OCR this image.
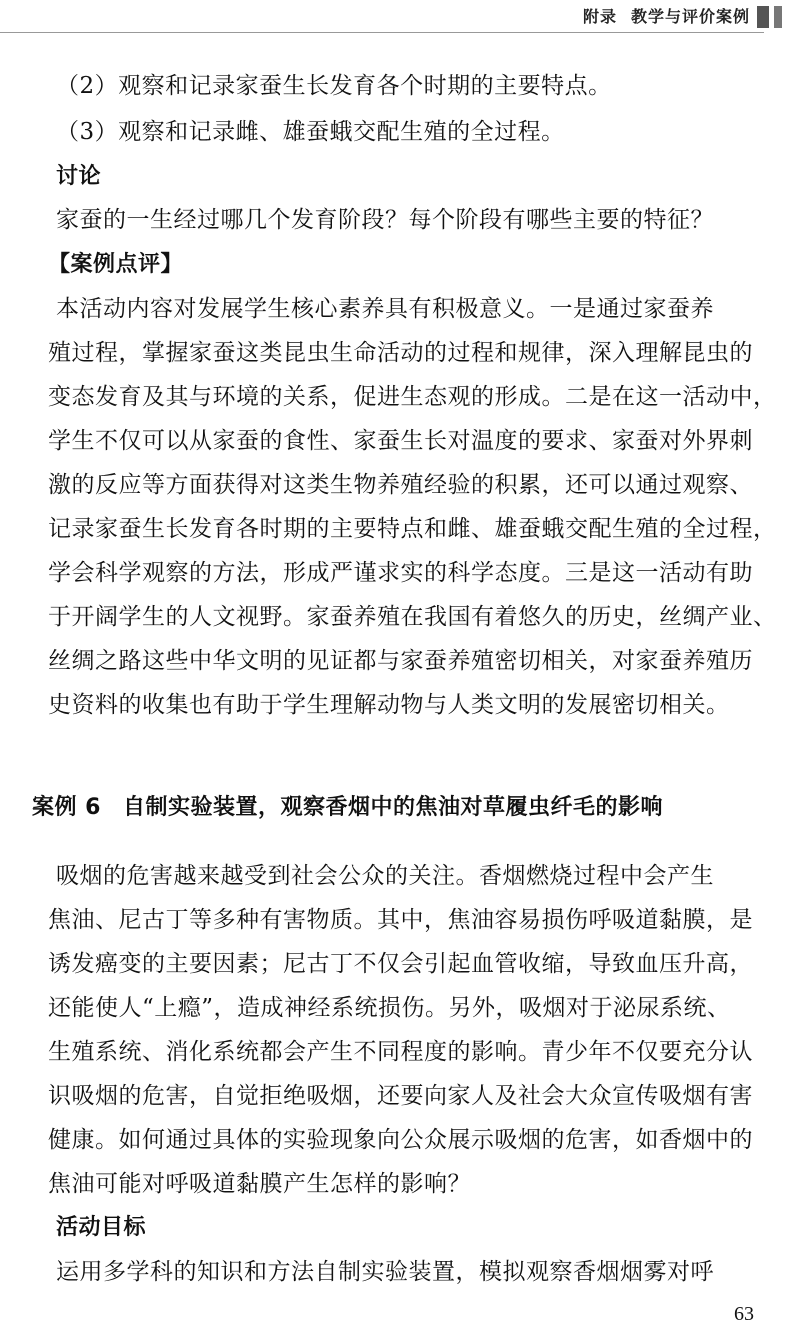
附录 教学与评价案例
（2）观察和记录家蚕生长发育各个时期的主要特点。
（3）观察和记录雌、雄蚕蛾交配生殖的全过程。
讨论
家蚕的一生经过哪几个发育阶段？每个阶段有哪些主要的特征？
【案例点评】
本活动内容对发展学生核心素养具有积极意义。一是通过家蚕养
殖过程，掌握家蚕这类昆虫生命活动的过程和规律，深入理解昆虫的
变态发育及其与环境的关系，促进生态观的形成。二是在这一活动中，
学生不仅可以从家蚕的食性、家蚕生长对温度的要求、家蚕对外界刺
激的反应等方面获得对这类生物养殖经验的积累，还可以通过观察、
记录家蚕生长发育各时期的主要特点和雌、雄蚕蛾交配生殖的全过程，
学会科学观察的方法，形成严谨求实的科学态度。三是这一活动有助
于开阔学生的人文视野。家蚕养殖在我国有着悠久的历史，丝绸产业、
丝绸之路这些中华文明的见证都与家蚕养殖密切相关，对家蚕养殖历
史资料的收集也有助于学生理解动物与人类文明的发展密切相关。
案例 6 自制实验装置，观察香烟中的焦油对草履虫纤毛的影响
吸烟的危害越来越受到社会公众的关注。香烟燃烧过程中会产生
焦油、尼古丁等多种有害物质。其中，焦油容易损伤呼吸道黏膜，是
诱发癌变的主要因素；尼古丁不仅会引起血管收缩，导致血压升高，
还能使人“上瘾”，造成神经系统损伤。另外，吸烟对于泌尿系统、
生殖系统、消化系统都会产生不同程度的影响。青少年不仅要充分认
识吸烟的危害，自觉拒绝吸烟，还要向家人及社会大众宣传吸烟有害
健康。如何通过具体的实验现象向公众展示吸烟的危害，如香烟中的
焦油可能对呼吸道黏膜产生怎样的影响？
活动目标
运用多学科的知识和方法自制实验装置，模拟观察香烟烟雾对呼
63
